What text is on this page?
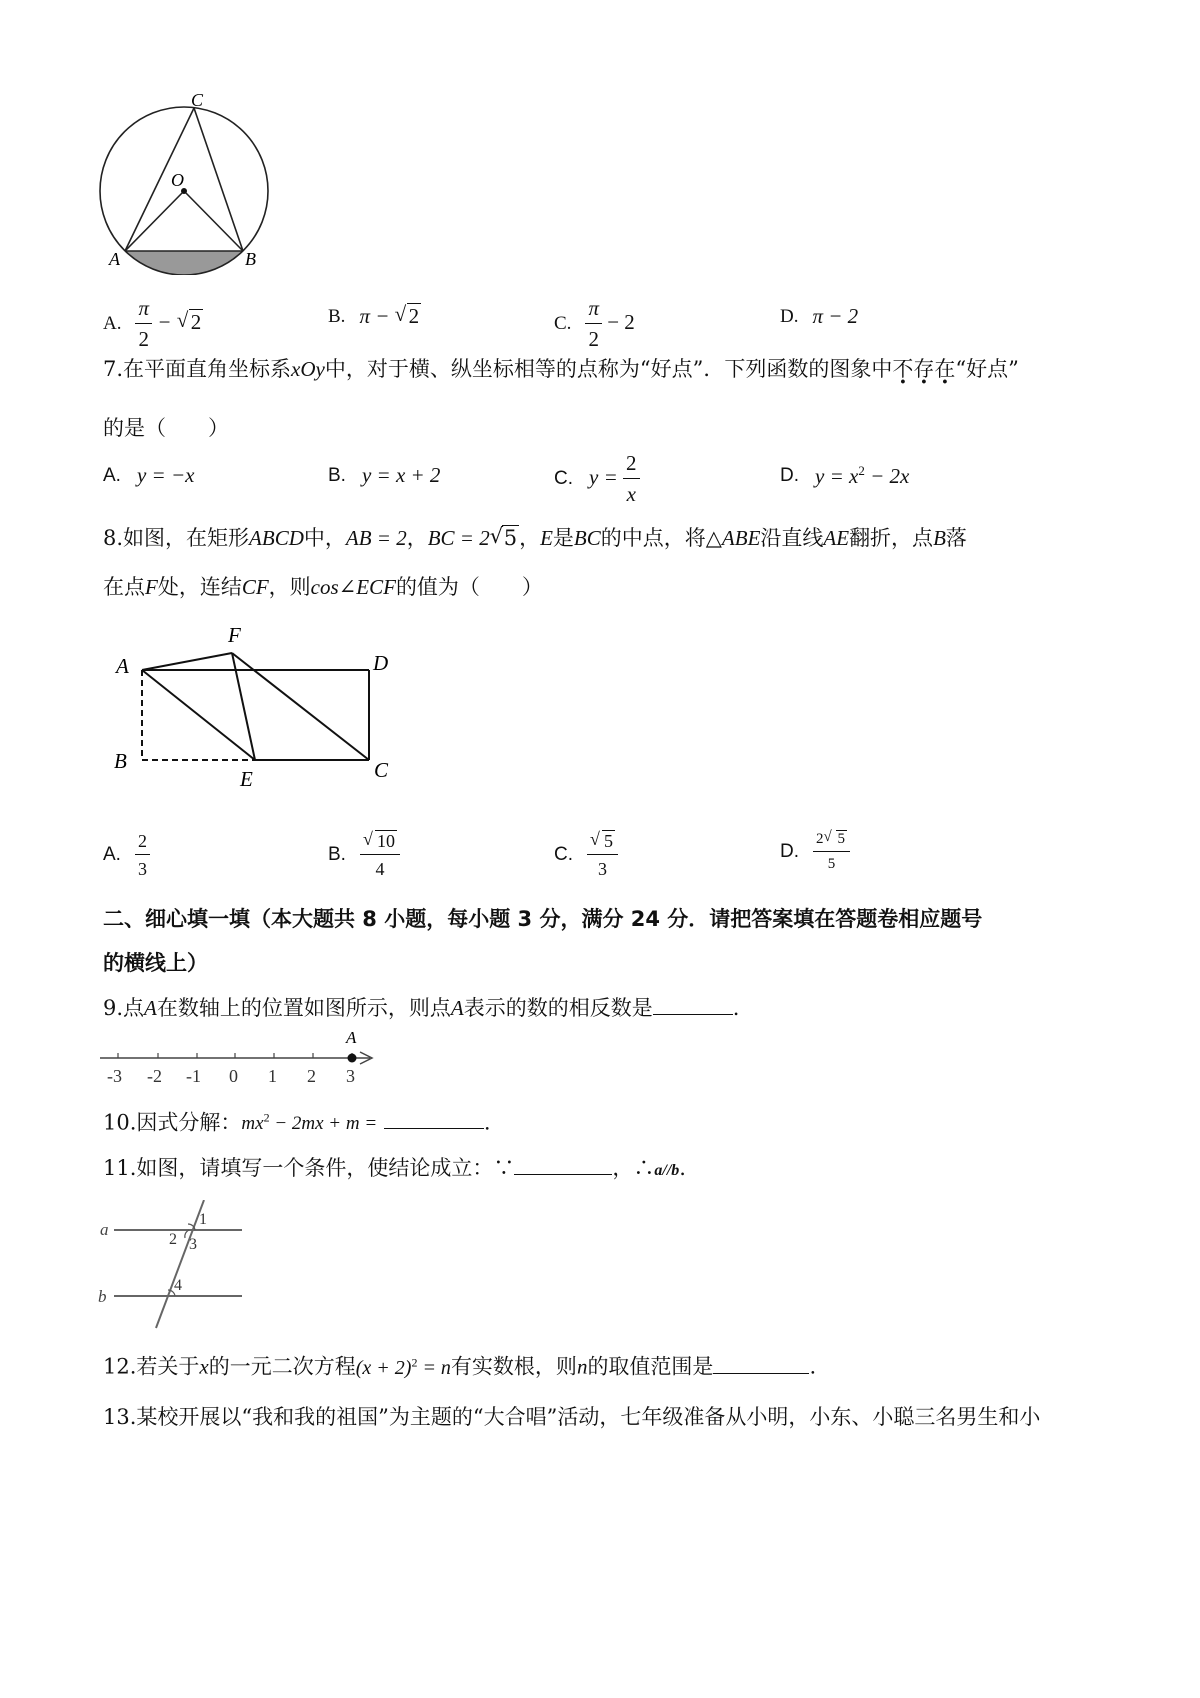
C
O
A	B
A. $\frac{\pi}{2}$ − √ 2	B. π − √ 2	C. $\frac{\pi}{2} - 2$	D. π − 2
7.在平面直角坐标系xOy中，对于横、纵坐标相等的点称为“好点”．下列函数的图象中不存在“好点”
的是（　　）
A. y = −x	B. y = x + 2	C. $y = \frac{2}{x}$	D. $y = x^2 - 2x$
8.如图，在矩形ABCD中，AB = 2，BC = 2 √ 5，E是BC的中点，将△ABE沿直线AE翻折，点B落
在点F处，连结CF，则cos∠ECF的值为（　　）
F
A	D
B
E	C
A. $\frac{2}{3}$	B. √ $\frac{10}{4}$	C. √ $\frac{5}{3}$	D. $\frac{2 √ 5}{5}$
二、细心填一填（本大题共 8 小题，每小题 3 分，满分 24 分．请把答案填在答题卷相应题号
的横线上）
9.点A在数轴上的位置如图所示，则点A表示的数的相反数是	.
A
-3 -2 -1 0 1 2 3
10.因式分解：$mx^2 - 2mx + m$ =	.
11.如图，请填写一个条件，使结论成立：∵	，∴a//b.
a
b
1
2 3
4
12.若关于x的一元二次方程$(x + 2)^2 = n$有实数根，则n的取值范围是	.
13.某校开展以“我和我的祖国”为主题的“大合唱”活动，七年级准备从小明，小东、小聪三名男生和小
